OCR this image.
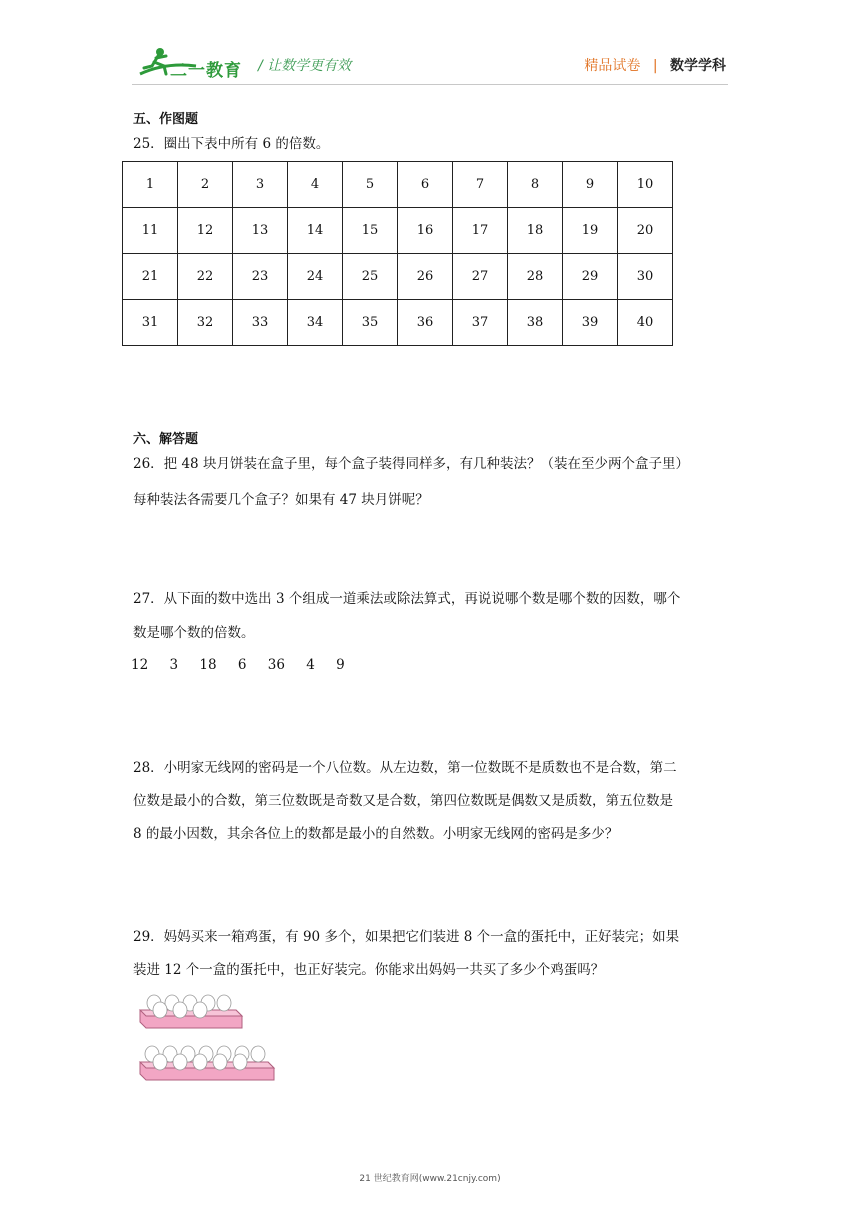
二一教育 / 让数学更有效	精品试卷 | 数学学科
五、作图题
25．圈出下表中所有 6 的倍数。
1	2	3	4	5	6	7	8	9	10
11	12	13	14	15	16	17	18	19	20
21	22	23	24	25	26	27	28	29	30
31	32	33	34	35	36	37	38	39	40
六、解答题
26．把 48 块月饼装在盒子里，每个盒子装得同样多，有几种装法？（装在至少两个盒子里）
每种装法各需要几个盒子？如果有 47 块月饼呢？
27．从下面的数中选出 3 个组成一道乘法或除法算式，再说说哪个数是哪个数的因数，哪个
数是哪个数的倍数。
12 3 18 6 36 4 9
28．小明家无线网的密码是一个八位数。从左边数，第一位数既不是质数也不是合数，第二
位数是最小的合数，第三位数既是奇数又是合数，第四位数既是偶数又是质数，第五位数是
8 的最小因数，其余各位上的数都是最小的自然数。小明家无线网的密码是多少？
29．妈妈买来一箱鸡蛋，有 90 多个，如果把它们装进 8 个一盒的蛋托中，正好装完；如果
装进 12 个一盒的蛋托中，也正好装完。你能求出妈妈一共买了多少个鸡蛋吗？
21 世纪教育网(www.21cnjy.com)
